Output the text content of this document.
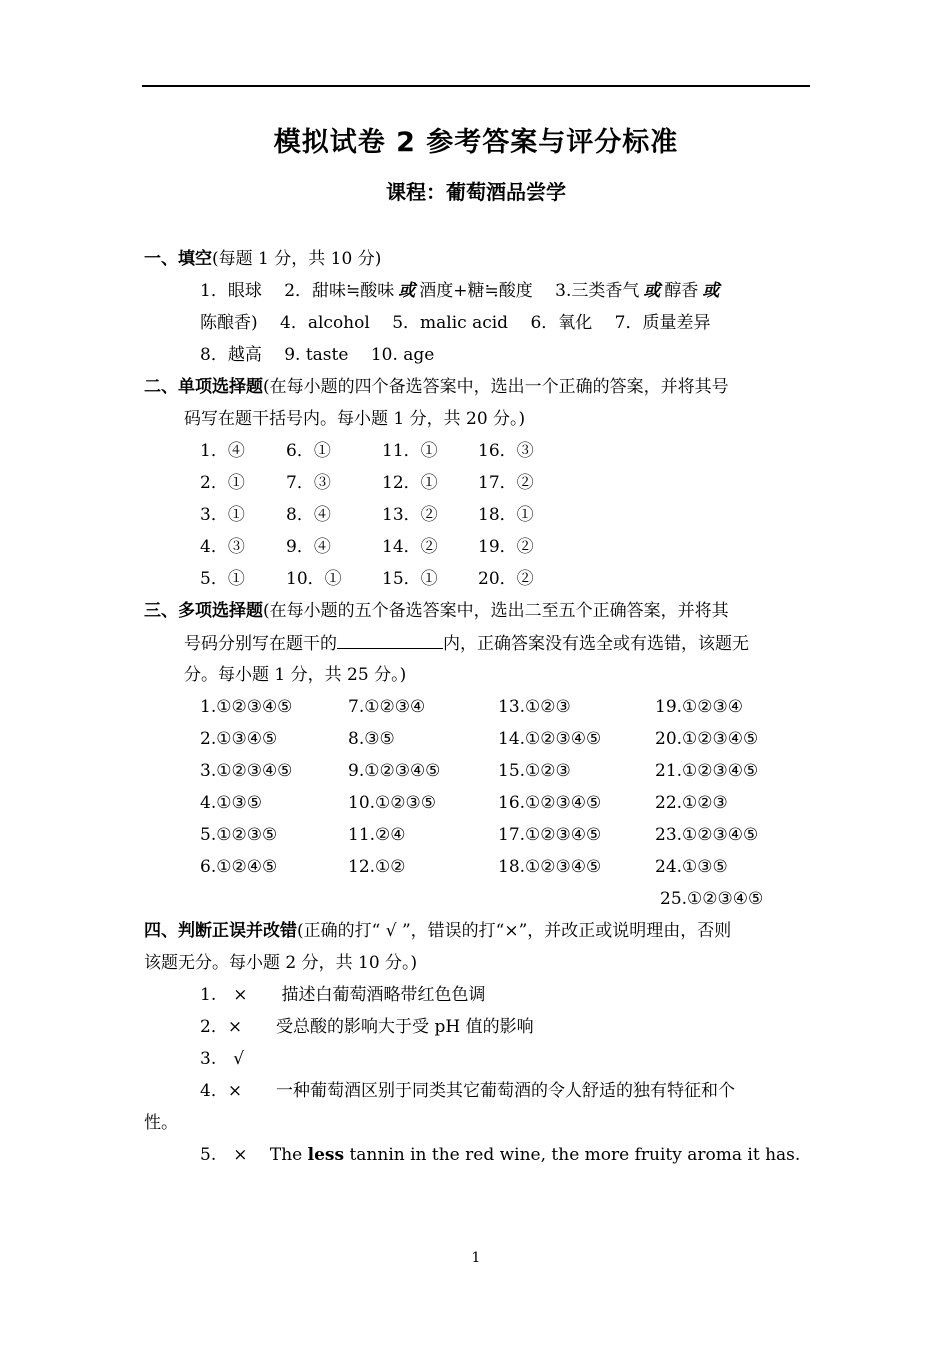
模拟试卷 2 参考答案与评分标准
课程：葡萄酒品尝学
一、填空(每题 1 分，共 10 分)
1．眼球　 2．甜味≒酸味 或 酒度+糖≒酸度　 3.三类香气 或 醇香 或
陈酿香)　 4．alcohol　 5．malic acid　 6．氧化　 7．质量差异
8．越高　 9. taste　 10. age
二、单项选择题(在每小题的四个备选答案中，选出一个正确的答案，并将其号
码写在题干括号内。每小题 1 分，共 20 分。)
1．④ 6．①	11．① 16．③
2．① 7．③	12．① 17．②
3．① 8．④	13．② 18．①
4．③ 9．④	14．② 19．②
5．① 10．① 15．① 20．②
三、多项选择题(在每小题的五个备选答案中，选出二至五个正确答案，并将其
号码分别写在题干的	内，正确答案没有选全或有选错，该题无
分。每小题 1 分，共 25 分。)
1.①②③④⑤	7.①②③④	13.①②③	19.①②③④
2.①③④⑤	8.③⑤	14.①②③④⑤	20.①②③④⑤
3.①②③④⑤	9.①②③④⑤	15.①②③	21.①②③④⑤
4.①③⑤	10.①②③⑤	16.①②③④⑤	22.①②③
5.①②③⑤	11.②④	17.①②③④⑤	23.①②③④⑤
6.①②④⑤	12.①②	18.①②③④⑤	24.①③⑤
25.①②③④⑤
四、判断正误并改错(正确的打“ √ ”，错误的打“×”，并改正或说明理由，否则
该题无分。每小题 2 分，共 10 分。)
1.　×　　描述白葡萄酒略带红色色调
2．×　　受总酸的影响大于受 pH 值的影响
3.　√
4．×　　一种葡萄酒区别于同类其它葡萄酒的令人舒适的独有特征和个
性。
5.　×　 The less tannin in the red wine, the more fruity aroma it has.
1
